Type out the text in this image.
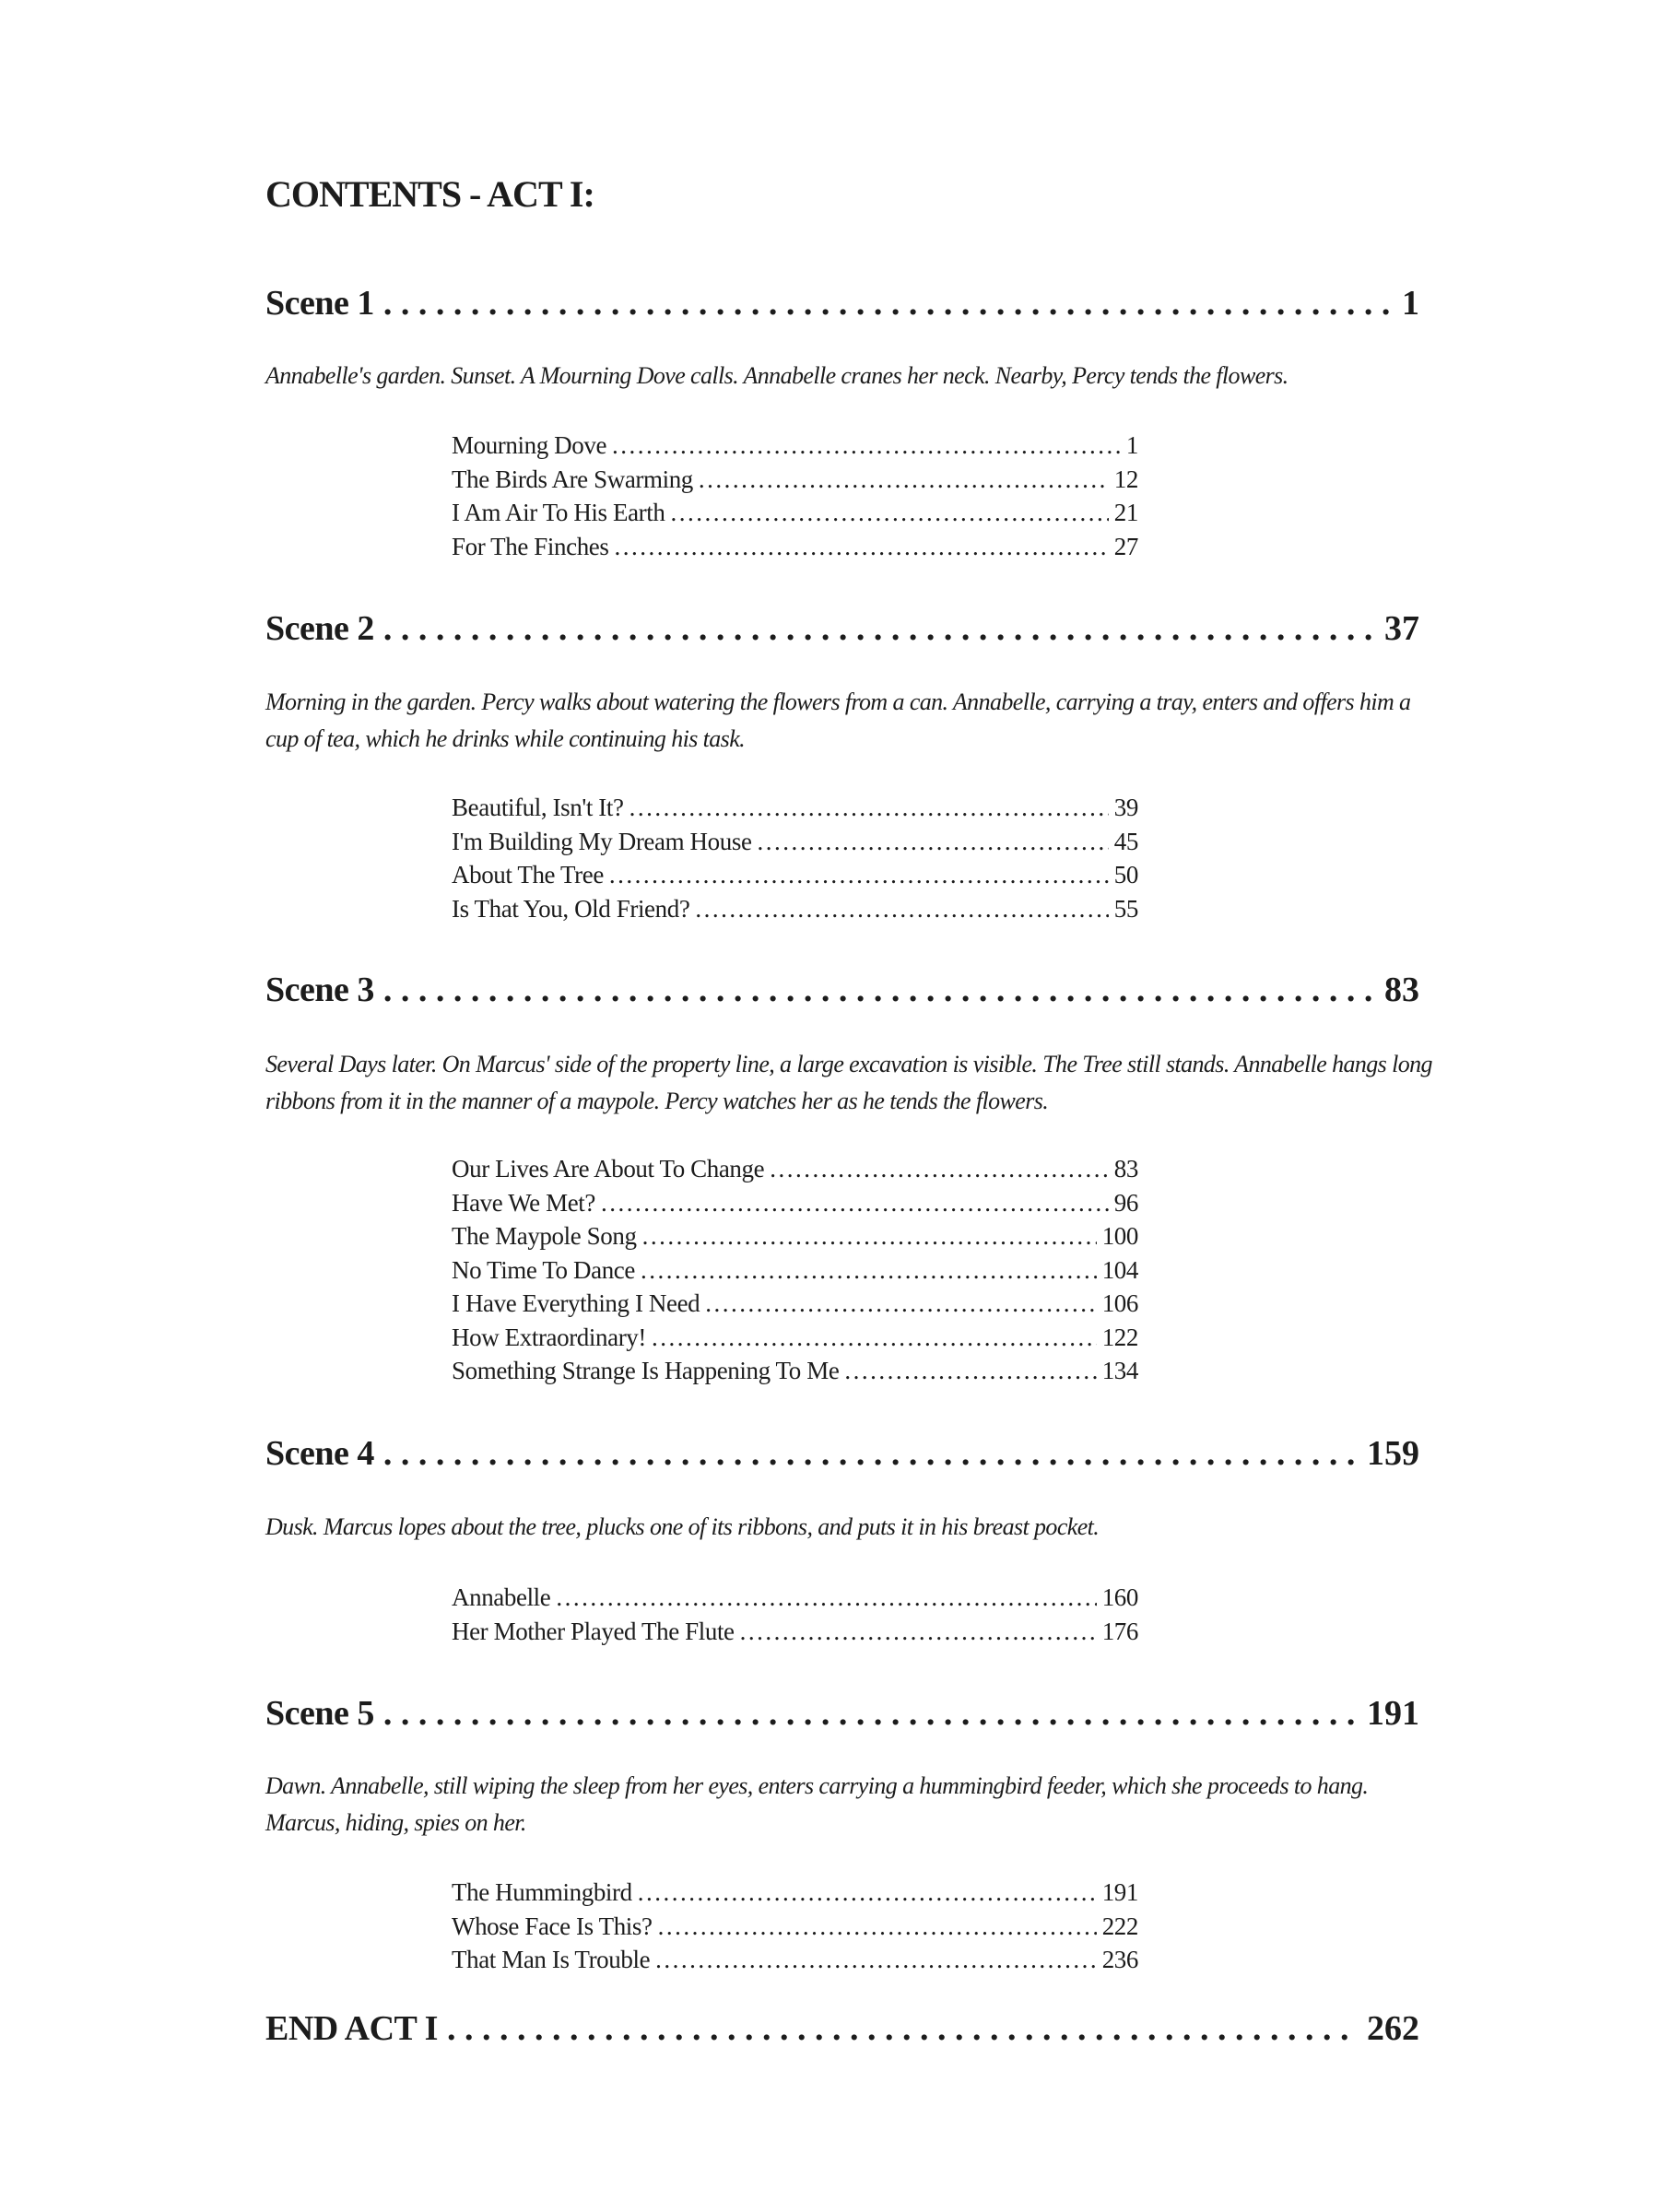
CONTENTS - ACT I:
Scene 1 . . .	1

Annabelle's garden. Sunset. A Mourning Dove calls. Annabelle cranes her neck. Nearby, Percy tends the flowers.

Mourning Dove .....	1
The Birds Are Swarming .....	12
I Am Air To His Earth .....	21
For The Finches .....	27
Scene 2 . . .	37

Morning in the garden. Percy walks about watering the flowers from a can. Annabelle, carrying a tray, enters and offers him a cup of tea, which he drinks while continuing his task.

Beautiful, Isn't It? .....	39
I'm Building My Dream House .....	45
About The Tree .....	50
Is That You, Old Friend? .....	55
Scene 3 . . .	83

Several Days later. On Marcus' side of the property line, a large excavation is visible. The Tree still stands. Annabelle hangs long ribbons from it in the manner of a maypole. Percy watches her as he tends the flowers.

Our Lives Are About To Change .....	83
Have We Met? .....	96
The Maypole Song .....	100
No Time To Dance .....	104
I Have Everything I Need .....	106
How Extraordinary! .....	122
Something Strange Is Happening To Me .....	134
Scene 4 . . .	159

Dusk. Marcus lopes about the tree, plucks one of its ribbons, and puts it in his breast pocket.

Annabelle .....	160
Her Mother Played The Flute .....	176
Scene 5 . . .	191

Dawn. Annabelle, still wiping the sleep from her eyes, enters carrying a hummingbird feeder, which she proceeds to hang. Marcus, hiding, spies on her.

The Hummingbird .....	191
Whose Face Is This? .....	222
That Man Is Trouble .....	236
END ACT I . . .	262
